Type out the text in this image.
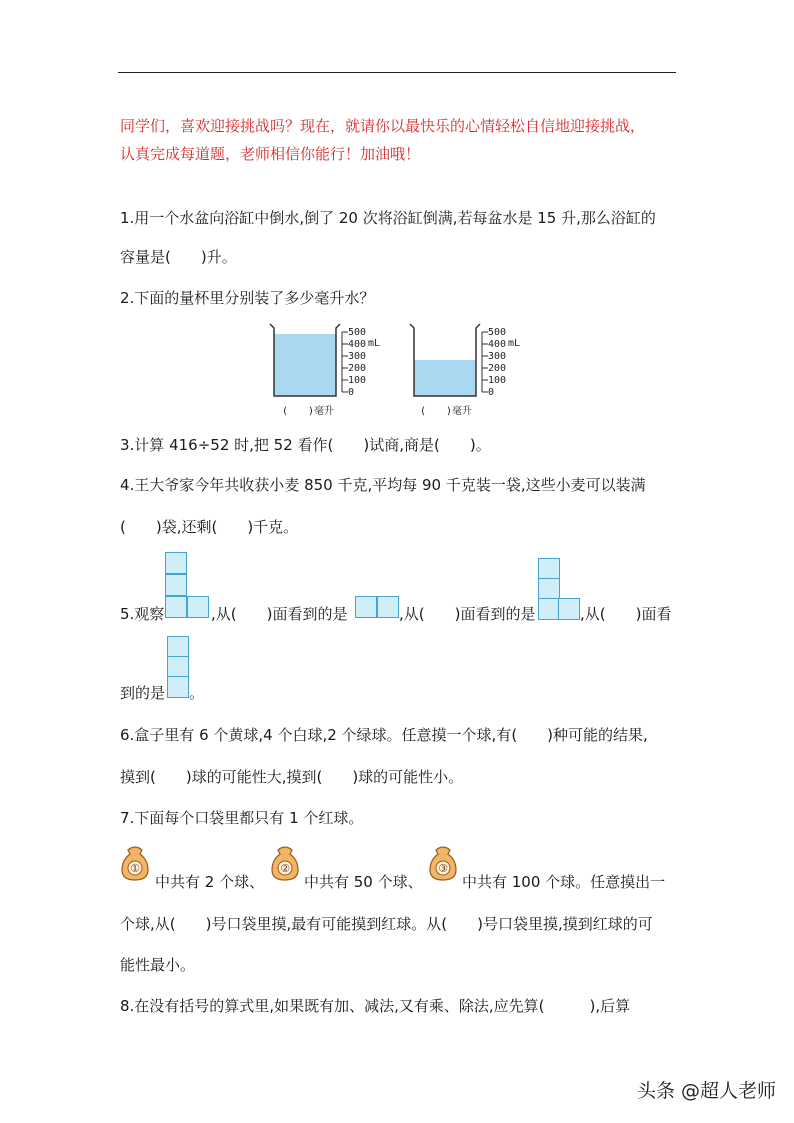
同学们，喜欢迎接挑战吗？现在，就请你以最快乐的心情轻松自信地迎接挑战，
认真完成每道题，老师相信你能行！加油哦！
1.用一个水盆向浴缸中倒水,倒了 20 次将浴缸倒满,若每盆水是 15 升,那么浴缸的
容量是(　　)升。
2.下面的量杯里分别装了多少毫升水？
500
400
300
200
100
0
mL
(　　)毫升
500
400
300
200
100
0
mL
(　　)毫升
3.计算 416÷52 时,把 52 看作(　　)试商,商是(　　)。
4.王大爷家今年共收获小麦 850 千克,平均每 90 千克装一袋,这些小麦可以装满
(　　)袋,还剩(　　)千克。
5.观察	,从(　　)面看到的是	,从(　　)面看到的是	,从(　　)面看
到的是 。
6.盒子里有 6 个黄球,4 个白球,2 个绿球。任意摸一个球,有(　　)种可能的结果,
摸到(　　)球的可能性大,摸到(　　)球的可能性小。
7.下面每个口袋里都只有 1 个红球。
①
中共有 2 个球、
②
中共有 50 个球、
③
中共有 100 个球。任意摸出一
个球,从(　　)号口袋里摸,最有可能摸到红球。从(　　)号口袋里摸,摸到红球的可
能性最小。
8.在没有括号的算式里,如果既有加、减法,又有乘、除法,应先算(　　　),后算
头条 @超人老师
